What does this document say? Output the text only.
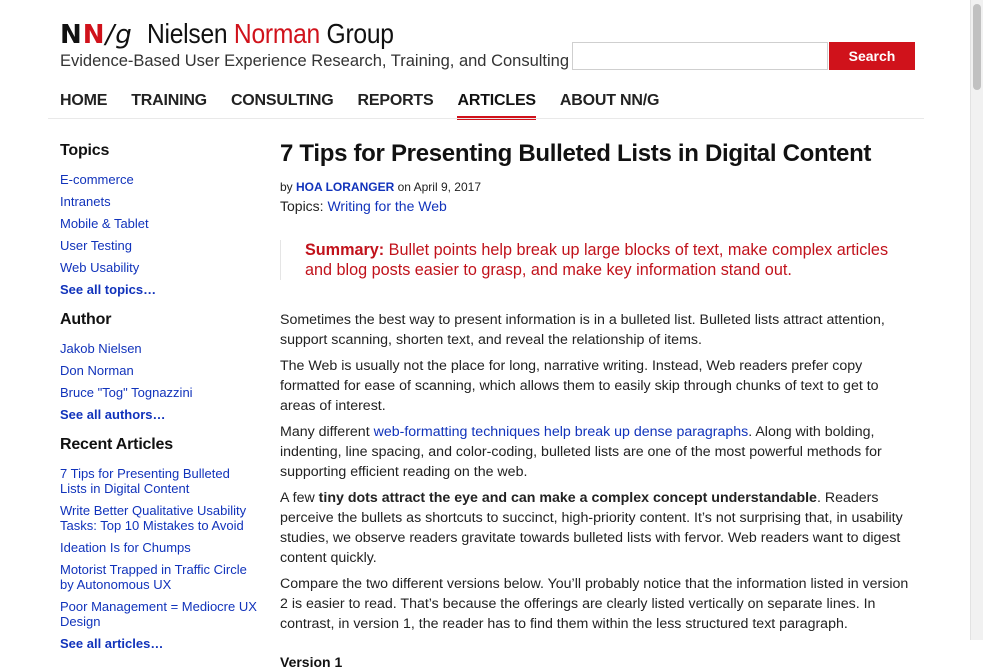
NN/g Nielsen Norman Group
Evidence-Based User Experience Research, Training, and Consulting	Search
HOME TRAINING CONSULTING REPORTS ARTICLES ABOUT NN/G
Topics
E-commerce
Intranets
Mobile & Tablet
User Testing
Web Usability
See all topics…
Author
Jakob Nielsen
Don Norman
Bruce "Tog" Tognazzini
See all authors…
Recent Articles
7 Tips for Presenting Bulleted Lists in Digital Content
Write Better Qualitative Usability Tasks: Top 10 Mistakes to Avoid
Ideation Is for Chumps
Motorist Trapped in Traffic Circle by Autonomous UX
Poor Management = Mediocre UX Design
See all articles…
7 Tips for Presenting Bulleted Lists in Digital Content
by HOA LORANGER on April 9, 2017
Topics: Writing for the Web
Summary: Bullet points help break up large blocks of text, make complex articles and blog posts easier to grasp, and make key information stand out.

Sometimes the best way to present information is in a bulleted list. Bulleted lists attract attention, support scanning, shorten text, and reveal the relationship of items.

The Web is usually not the place for long, narrative writing. Instead, Web readers prefer copy formatted for ease of scanning, which allows them to easily skip through chunks of text to get to areas of interest.

Many different web-formatting techniques help break up dense paragraphs. Along with bolding, indenting, line spacing, and color-coding, bulleted lists are one of the most powerful methods for supporting efficient reading on the web.

A few tiny dots attract the eye and can make a complex concept understandable. Readers perceive the bullets as shortcuts to succinct, high-priority content. It’s not surprising that, in usability studies, we observe readers gravitate towards bulleted lists with fervor. Web readers want to digest content quickly.

Compare the two different versions below. You’ll probably notice that the information listed in version 2 is easier to read. That’s because the offerings are clearly listed vertically on separate lines. In contrast, in version 1, the reader has to find them within the less structured text paragraph.

Version 1
